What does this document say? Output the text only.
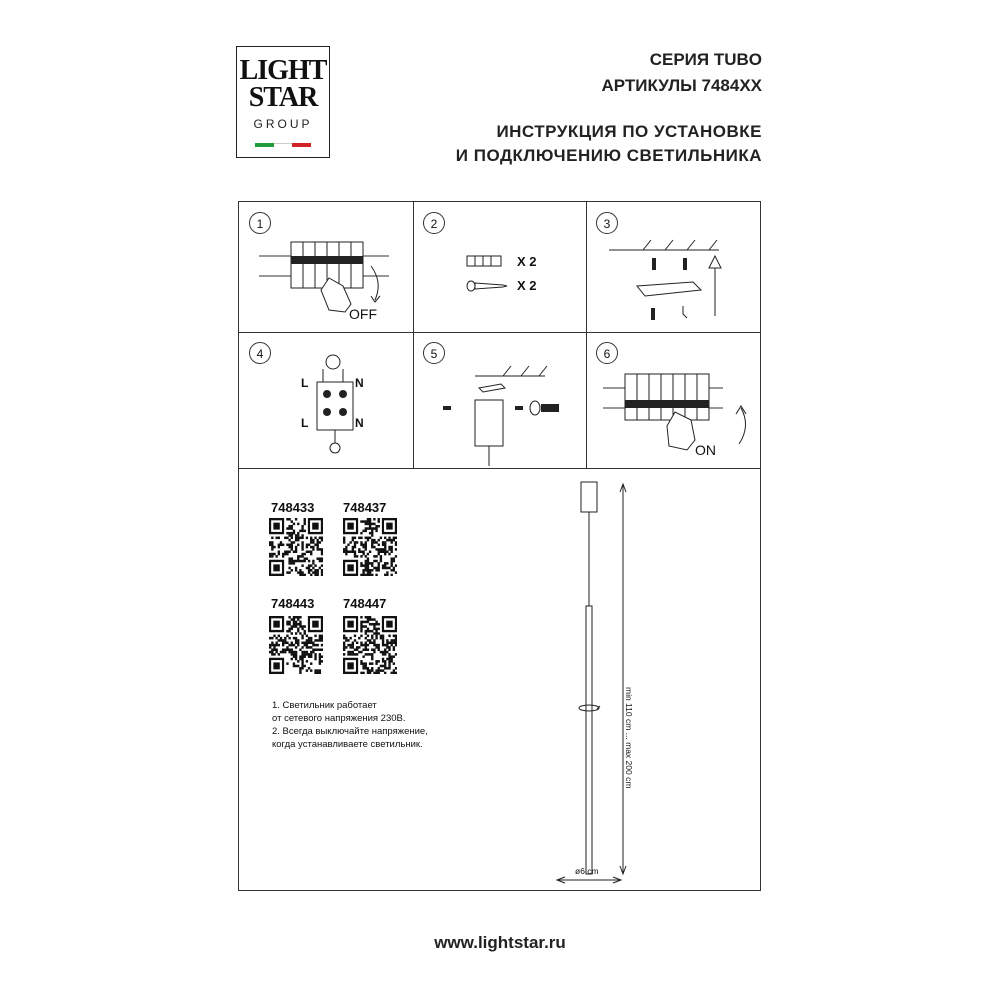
LIGHT
STAR
GROUP
СЕРИЯ TUBO
АРТИКУЛЫ 7484XX
ИНСТРУКЦИЯ ПО УСТАНОВКЕ
И ПОДКЛЮЧЕНИЮ СВЕТИЛЬНИКА
1
OFF
2
X 2
X 2
3
4
L	N
L	N
5	6
ON
748433 748437
748443 748447
min 110 cm ... max 200 cm
ø6 cm
1. Светильник работает
от сетевого напряжения 230В.
2. Всегда выключайте напряжение,
когда устанавливаете светильник.
www.lightstar.ru
